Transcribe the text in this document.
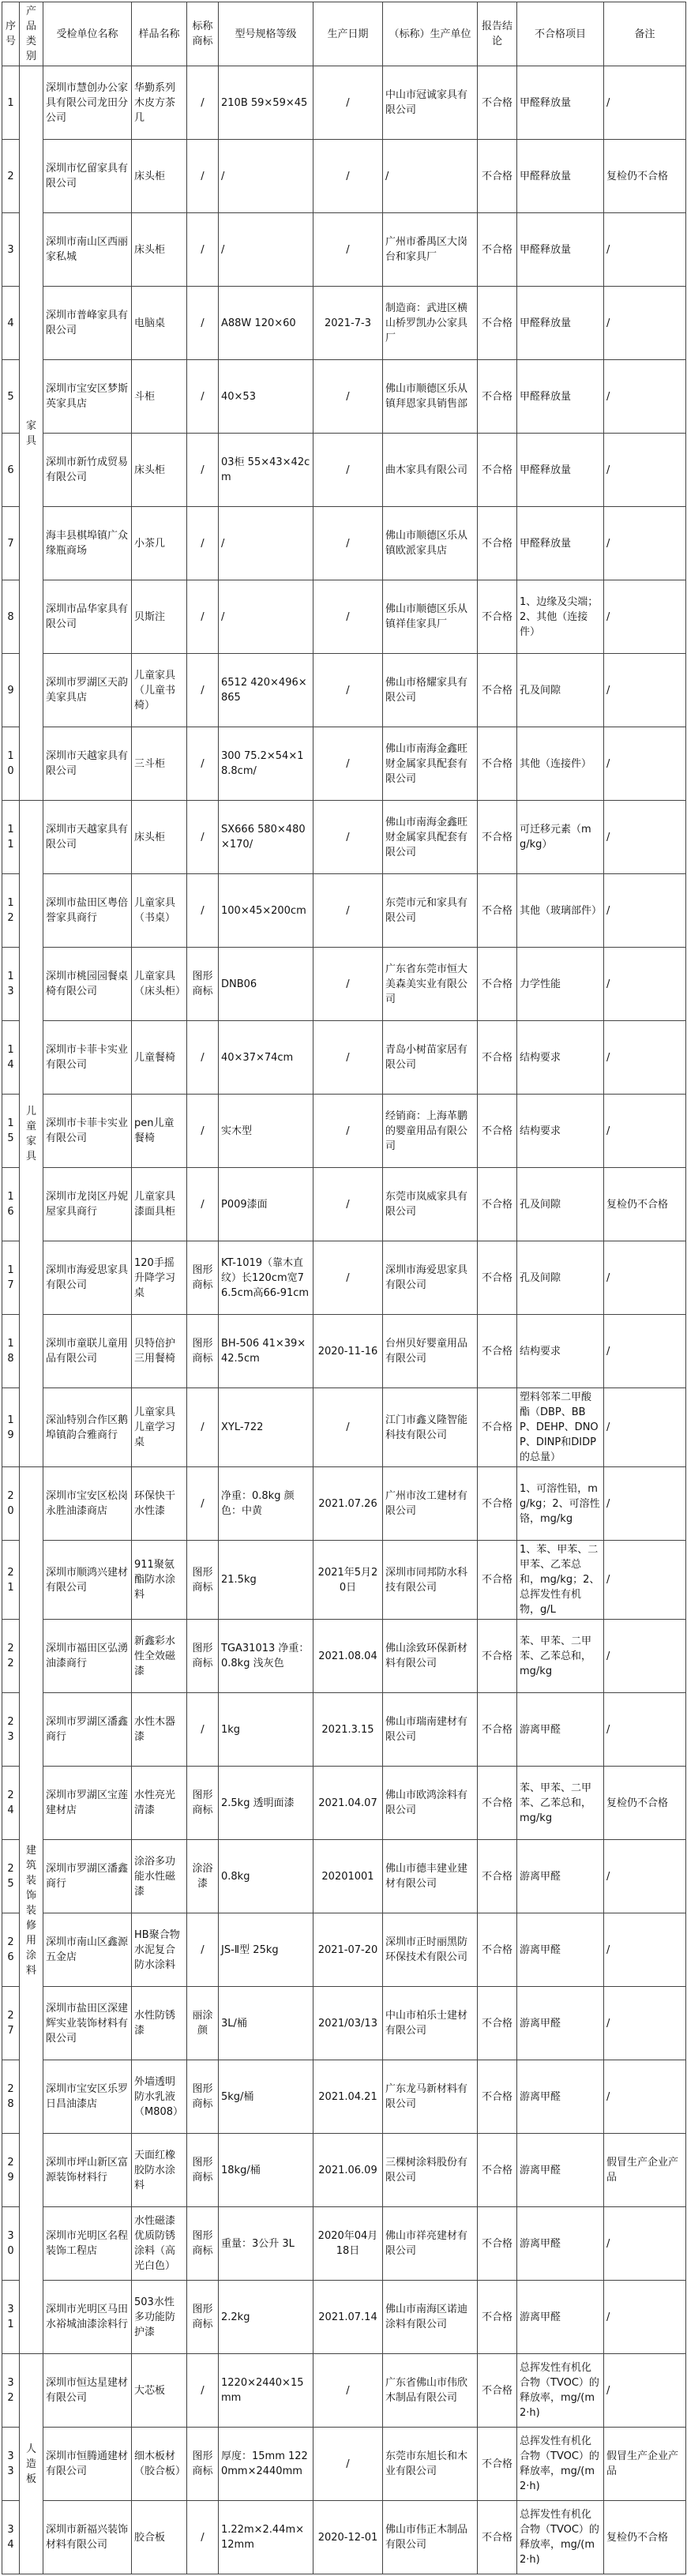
序号	产品类别	受检单位名称	样品名称	标称商标	型号规格等级	生产日期	（标称）生产单位	报告结论	不合格项目	备注
1	家具	深圳市慧创办公家具有限公司龙田分公司	华勤系列木皮方茶几	/	210B 59×59×45	/	中山市冠诚家具有限公司	不合格	甲醛释放量	/
2		深圳市忆留家具有限公司	床头柜	/	/	/	/	不合格	甲醛释放量	复检仍不合格
3		深圳市南山区西丽家私城	床头柜	/	/	/	广州市番禺区大岗台和家具厂	不合格	甲醛释放量	/
4		深圳市普峰家具有限公司	电脑桌	/	A88W 120×60	2021-7-3	制造商：武进区横山桥罗凯办公家具厂	不合格	甲醛释放量	/
5		深圳市宝安区梦斯英家具店	斗柜	/	40×53	/	佛山市顺德区乐从镇拜恩家具销售部	不合格	甲醛释放量	/
6		深圳市新竹成贸易有限公司	床头柜	/	03柜 55×43×42cm	/	曲木家具有限公司	不合格	甲醛释放量	/
7		海丰县棋埠镇广众缘瓶商场	小茶几	/	/	/	佛山市顺德区乐从镇欧派家具店	不合格	甲醛释放量	/
8		深圳市品华家具有限公司	贝斯注	/	/	/	佛山市顺德区乐从镇祥佳家具厂	不合格	1、边缘及尖端；2、其他（连接件）	/
9		深圳市罗湖区天韵美家具店	儿童家具（儿童书椅）	/	6512 420×496×865	/	佛山市格耀家具有限公司	不合格	孔及间隙	/
10		深圳市天越家具有限公司	三斗柜	/	300 75.2×54×18.8cm/	/	佛山市南海金鑫旺财金属家具配套有限公司	不合格	其他（连接件）	/
11	儿童家具	深圳市天越家具有限公司	床头柜	/	SX666 580×480×170/	/	佛山市南海金鑫旺财金属家具配套有限公司	不合格	可迁移元素（mg/kg）	/
12		深圳市盐田区粤倍誉家具商行	儿童家具（书桌）	/	100×45×200cm	/	东莞市元和家具有限公司	不合格	其他（玻璃部件）	/
13		深圳市桃园园餐桌椅有限公司	儿童家具（床头柜）	图形商标	DNB06	/	广东省东莞市恒大美森美实业有限公司	不合格	力学性能	/
14		深圳市卡菲卡实业有限公司	儿童餐椅	/	40×37×74cm	/	青岛小树苗家居有限公司	不合格	结构要求	/
15		深圳市卡菲卡实业有限公司	pen儿童餐椅	/	实木型	/	经销商：上海革鹏的婴童用品有限公司	不合格	结构要求	/
16		深圳市龙岗区丹妮屋家具商行	儿童家具漆面具柜	/	P009漆面	/	东莞市岚威家具有限公司	不合格	孔及间隙	复检仍不合格
17		深圳市海爱思家具有限公司	120手摇升降学习桌	图形商标	KT-1019（靠木直纹）长120cm宽76.5cm高66-91cm	/	深圳市海爱思家具有限公司	不合格	孔及间隙	/
18		深圳市童联儿童用品有限公司	贝特倍护三用餐椅	图形商标	BH-506 41×39×42.5cm	2020-11-16	台州贝好婴童用品有限公司	不合格	结构要求	/
19		深汕特别合作区鹅埠镇韵合雅商行	儿童家具儿童学习桌	/	XYL-722	/	江门市鑫义隆智能科技有限公司	不合格	塑料邻苯二甲酸酯（DBP、BBP、DEHP、DNOP、DINP和DIDP的总量）	/
20	建筑装饰装修用涂料	深圳市宝安区松岗永胜油漆商店	环保快干水性漆	/	净重：0.8kg 颜色：中黄	2021.07.26	广州市汝工建材有限公司	不合格	1、可溶性铅，mg/kg；2、可溶性铬，mg/kg	/
21		深圳市顺鸿兴建材有限公司	911聚氨酯防水涂料	图形商标	21.5kg	2021年5月20日	深圳市同邦防水科技有限公司	不合格	1、苯、甲苯、二甲苯、乙苯总和，mg/kg；2、总挥发性有机物，g/L	/
22		深圳市福田区弘湧油漆商行	新鑫彩水性全效磁漆	图形商标	TGA31013 净重：0.8kg 浅灰色	2021.08.04	佛山涂致环保新材料有限公司	不合格	苯、甲苯、二甲苯、乙苯总和，mg/kg	/
23		深圳市罗湖区潘鑫商行	水性木器漆	/	1kg	2021.3.15	佛山市瑞南建材有限公司	不合格	游离甲醛	/
24		深圳市罗湖区宝莲建材店	水性亮光清漆	图形商标	2.5kg 透明面漆	2021.04.07	佛山市欧鸿涂料有限公司	不合格	苯、甲苯、二甲苯、乙苯总和，mg/kg	复检仍不合格
25		深圳市罗湖区潘鑫商行	涂浴多功能水性磁漆	涂浴漆	0.8kg	20201001	佛山市德丰建业建材有限公司	不合格	游离甲醛	/
26		深圳市南山区鑫源五金店	HB聚合物水泥复合防水涂料	/	JS-Ⅱ型 25kg	2021-07-20	深圳市正时丽黑防环保技术有限公司	不合格	游离甲醛	/
27		深圳市盐田区深建辉实业装饰材料有限公司	水性防锈漆	丽涂颜	3L/桶	2021/03/13	中山市柏乐士建材有限公司	不合格	游离甲醛	/
28		深圳市宝安区乐罗日昌油漆店	外墙透明防水乳液（M808）	图形商标	5kg/桶	2021.04.21	广东龙马新材料有限公司	不合格	游离甲醛	/
29		深圳市坪山新区富源装饰材料行	天面红橡胶防水涂料	图形商标	18kg/桶	2021.06.09	三棵树涂料股份有限公司	不合格	游离甲醛	假冒生产企业产品
30		深圳市光明区名程装饰工程店	水性磁漆优质防锈涂料（高光白色）	图形商标	重量：3公升 3L	2020年04月18日	佛山市祥亮建材有限公司	不合格	游离甲醛	/
31		深圳市光明区马田水裕城油漆涂料行	503水性多功能防护漆	图形商标	2.2kg	2021.07.14	佛山市南海区诺迪涂料有限公司	不合格	游离甲醛	/
32	人造板	深圳市恒达星建材有限公司	大芯板	/	1220×2440×15mm	/	广东省佛山市伟欣木制品有限公司	不合格	总挥发性有机化合物（TVOC）的释放率，mg/(m2·h)	/
33		深圳市恒腾通建材有限公司	细木板材（胶合板）	图形商标	厚度：15mm 1220mm×2440mm	/	东莞市东旭长和木业有限公司	不合格	总挥发性有机化合物（TVOC）的释放率，mg/(m2·h)	假冒生产企业产品
34		深圳市新福兴装饰材料有限公司	胶合板	/	1.22m×2.44m×12mm	2020-12-01	佛山市伟正木制品有限公司	不合格	总挥发性有机化合物（TVOC）的释放率，mg/(m2·h)	复检仍不合格
